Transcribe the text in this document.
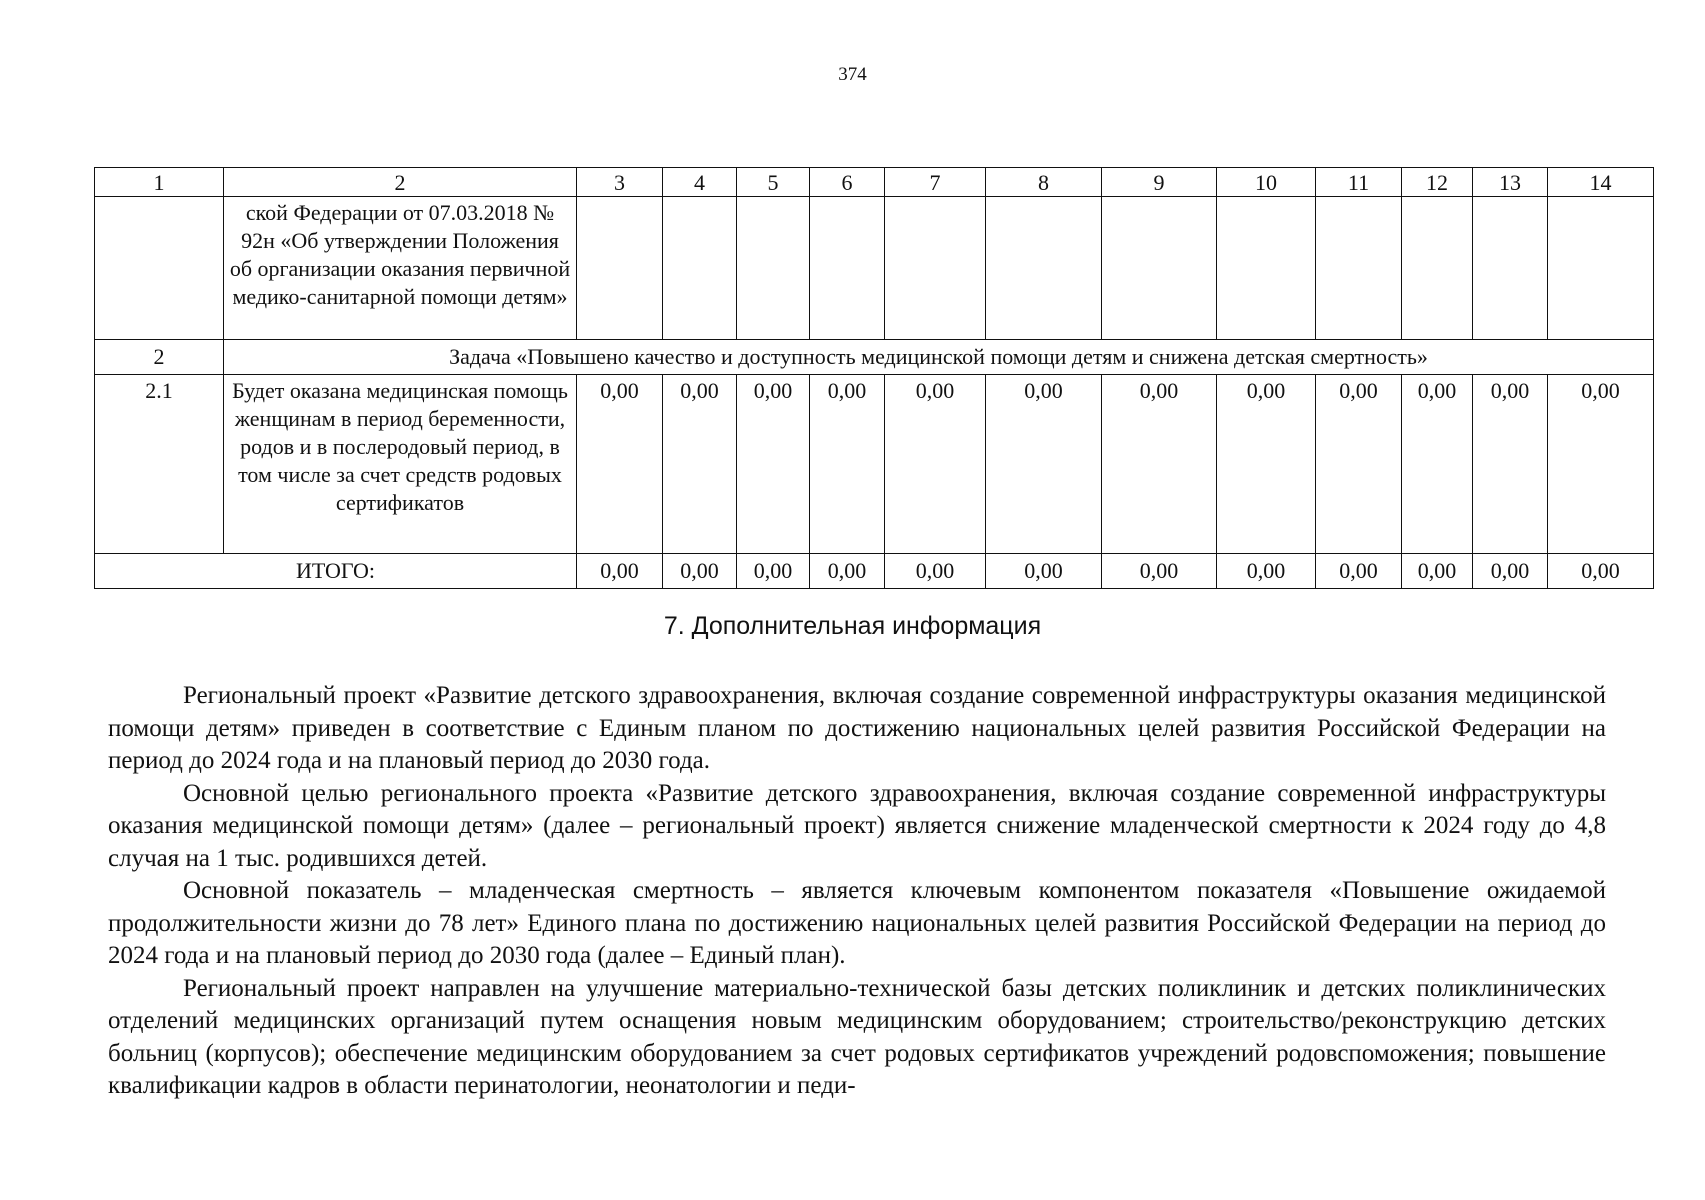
374
1	2	3	4	5	6	7	8	9	10	11	12	13	14

	ской Федерации от 07.03.2018 № 92н «Об утверждении Положения об организации оказания первичной медико-санитарной помощи детям»												

2	Задача «Повышено качество и доступность медицинской помощи детям и снижена детская смертность»												
2.1	Будет оказана медицинская помощь женщинам в период беременности, родов и в послеродовый период, в том числе за счет средств родовых сертификатов	0,00	0,00	0,00	0,00	0,00	0,00	0,00	0,00	0,00	0,00	0,00	0,00
ИТОГО:		0,00	0,00	0,00	0,00	0,00	0,00	0,00	0,00	0,00	0,00	0,00	0,00
7. Дополнительная информация

Региональный проект «Развитие детского здравоохранения, включая создание современной инфраструктуры оказания медицинской помощи детям» приведен в соответствие с Единым планом по достижению национальных целей развития Российской Федерации на период до 2024 года и на плановый период до 2030 года.

Основной целью регионального проекта «Развитие детского здравоохранения, включая создание современной инфраструктуры оказания медицинской помощи детям» (далее – региональный проект) является снижение младенческой смертности к 2024 году до 4,8 случая на 1 тыс. родившихся детей.

Основной показатель – младенческая смертность – является ключевым компонентом показателя «Повышение ожидаемой продолжительности жизни до 78 лет» Единого плана по достижению национальных целей развития Российской Федерации на период до 2024 года и на плановый период до 2030 года (далее – Единый план).

Региональный проект направлен на улучшение материально-технической базы детских поликлиник и детских поликлинических отделений медицинских организаций путем оснащения новым медицинским оборудованием; строительство/реконструкцию детских больниц (корпусов); обеспечение медицинским оборудованием за счет родовых сертификатов учреждений родовспоможения; повышение квалификации кадров в области перинатологии, неонатологии и педи-
